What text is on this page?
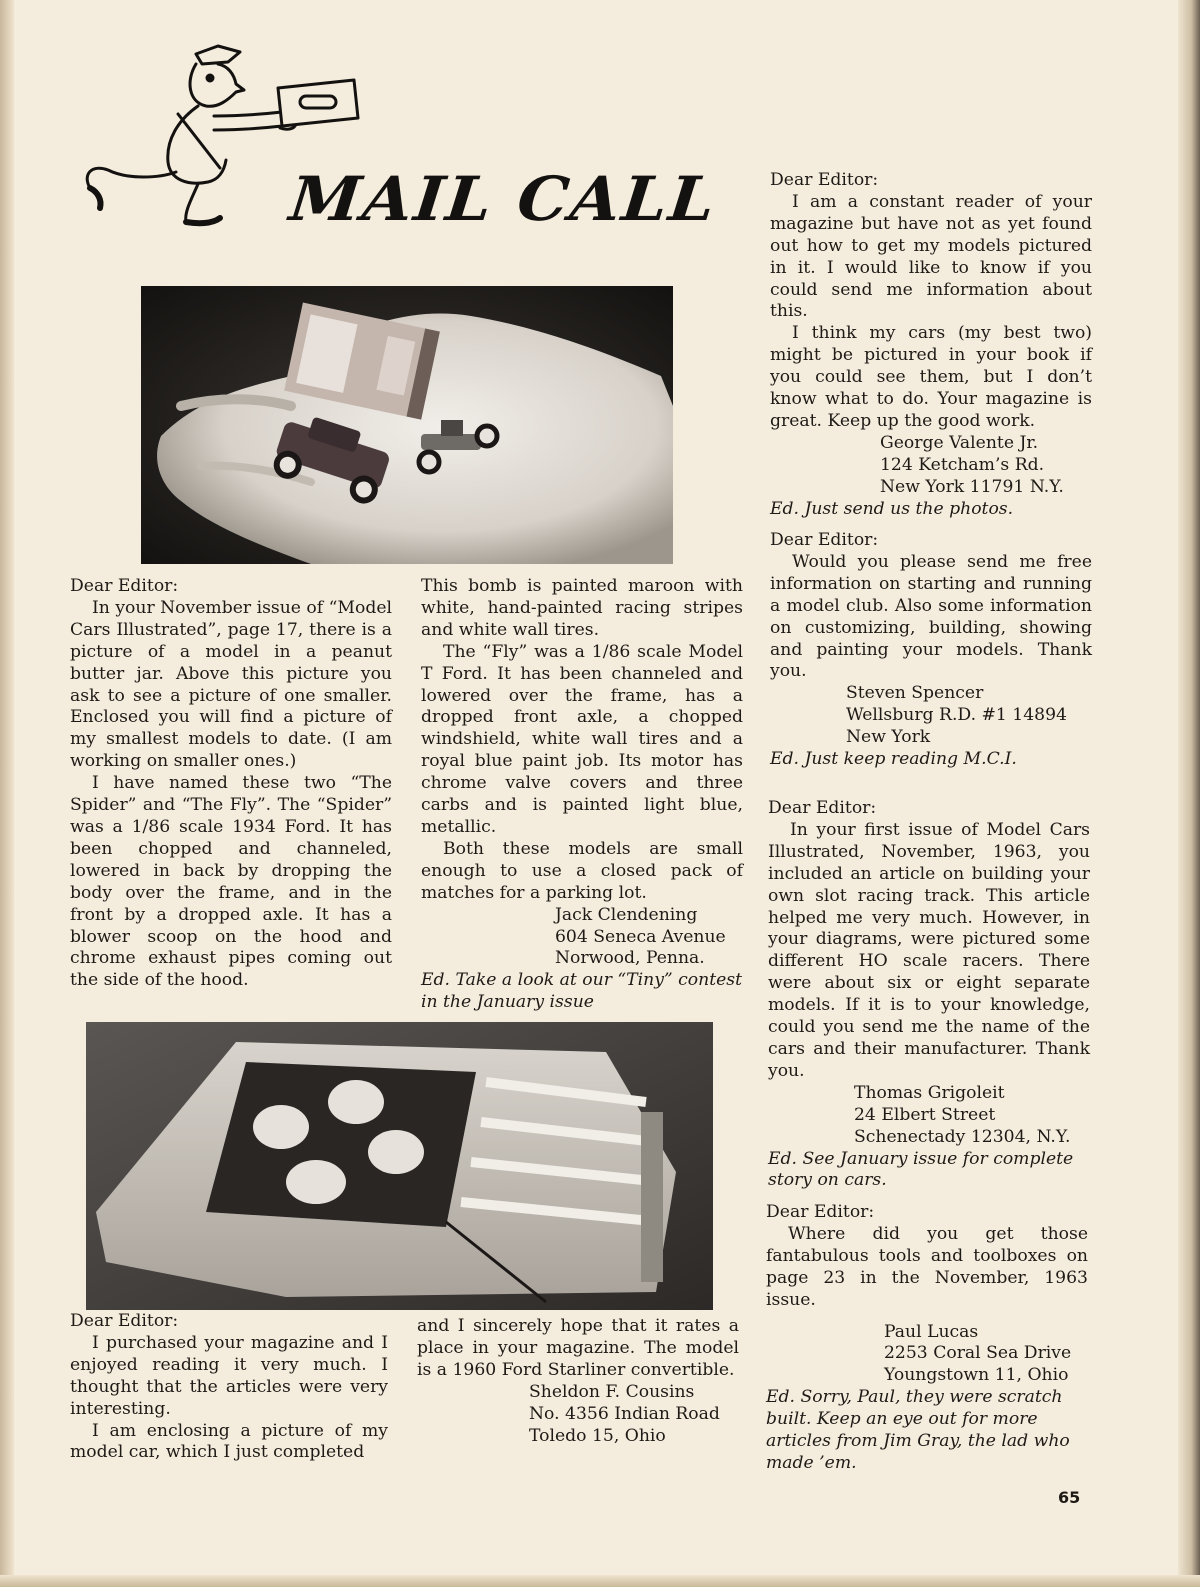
MAIL CALL

Dear Editor:

In your November issue of “Model Cars Illustrated”, page 17, there is a picture of a model in a peanut butter jar. Above this picture you ask to see a picture of one smaller. Enclosed you will find a picture of my smallest models to date. (I am working on smaller ones.)

I have named these two “The Spider” and “The Fly”. The “Spider” was a 1/86 scale 1934 Ford. It has been chopped and channeled, lowered in back by dropping the body over the frame, and in the front by a dropped axle. It has a blower scoop on the hood and chrome exhaust pipes coming out the side of the hood.

This bomb is painted maroon with white, hand-painted racing stripes and white wall tires.

The “Fly” was a 1/86 scale Model T Ford. It has been channeled and lowered over the frame, has a dropped front axle, a chopped windshield, white wall tires and a royal blue paint job. Its motor has chrome valve covers and three carbs and is painted light blue, metallic.

Both these models are small enough to use a closed pack of matches for a parking lot.

Jack Clendening

604 Seneca Avenue

Norwood, Penna.

Ed. Take a look at our “Tiny” contest in the January issue

Dear Editor:

I purchased your magazine and I enjoyed reading it very much. I thought that the articles were very interesting.

I am enclosing a picture of my model car, which I just completed

and I sincerely hope that it rates a place in your magazine. The model is a 1960 Ford Starliner convertible.

Sheldon F. Cousins

No. 4356 Indian Road

Toledo 15, Ohio

Dear Editor:

I am a constant reader of your magazine but have not as yet found out how to get my models pictured in it. I would like to know if you could send me information about this.

I think my cars (my best two) might be pictured in your book if you could see them, but I don’t know what to do. Your magazine is great. Keep up the good work.

George Valente Jr.

124 Ketcham’s Rd.

New York 11791 N.Y.

Ed. Just send us the photos.

Dear Editor:

Would you please send me free information on starting and running a model club. Also some information on customizing, building, showing and painting your models. Thank you.

Steven Spencer

Wellsburg R.D. #1 14894

New York

Ed. Just keep reading M.C.I.

Dear Editor:

In your first issue of Model Cars Illustrated, November, 1963, you included an article on building your own slot racing track. This article helped me very much. However, in your diagrams, were pictured some different HO scale racers. There were about six or eight separate models. If it is to your knowledge, could you send me the name of the cars and their manufacturer. Thank you.

Thomas Grigoleit

24 Elbert Street

Schenectady 12304, N.Y.

Ed. See January issue for complete story on cars.

Dear Editor:

Where did you get those fantabulous tools and toolboxes on page 23 in the November, 1963 issue.

Paul Lucas

2253 Coral Sea Drive

Youngstown 11, Ohio

Ed. Sorry, Paul, they were scratch built. Keep an eye out for more articles from Jim Gray, the lad who made ’em.

65
